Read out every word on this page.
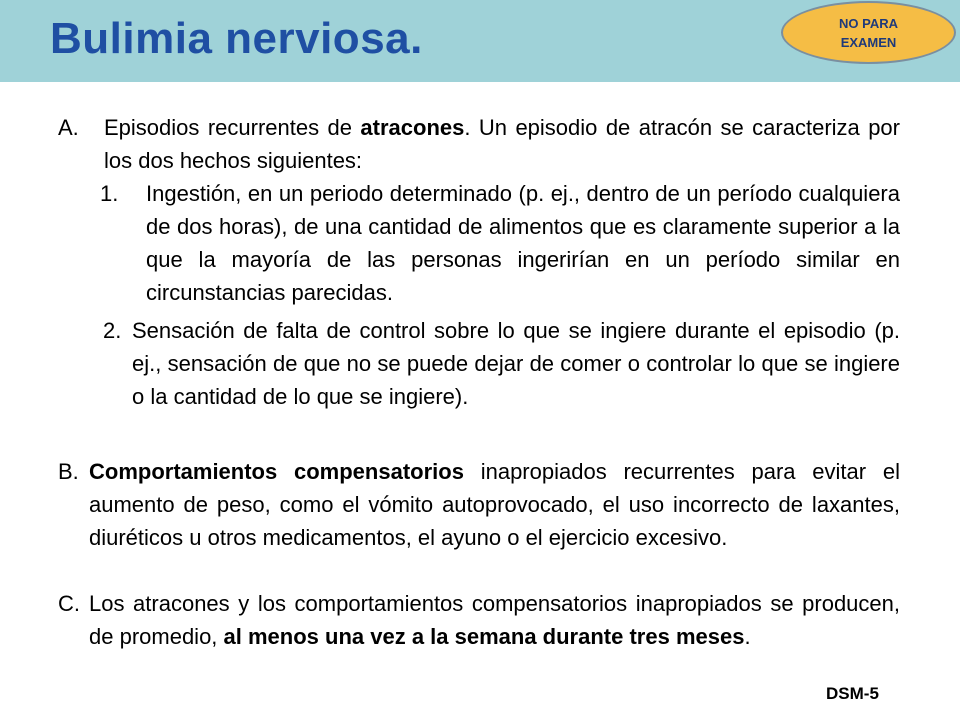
Bulimia nerviosa.	NO PARA
EXAMEN

A. Episodios recurrentes de atracones. Un episodio de atracón se caracteriza por los dos hechos siguientes:

1. Ingestión, en un periodo determinado (p. ej., dentro de un período cualquiera de dos horas), de una cantidad de alimentos que es claramente superior a la que la mayoría de las personas ingerirían en un período similar en circunstancias parecidas.

2. Sensación de falta de control sobre lo que se ingiere durante el episodio (p. ej., sensación de que no se puede dejar de comer o controlar lo que se ingiere o la cantidad de lo que se ingiere).

B. Comportamientos compensatorios inapropiados recurrentes para evitar el aumento de peso, como el vómito autoprovocado, el uso incorrecto de laxantes, diuréticos u otros medicamentos, el ayuno o el ejercicio excesivo.

C. Los atracones y los comportamientos compensatorios inapropiados se producen, de promedio, al menos una vez a la semana durante tres meses.

DSM-5
